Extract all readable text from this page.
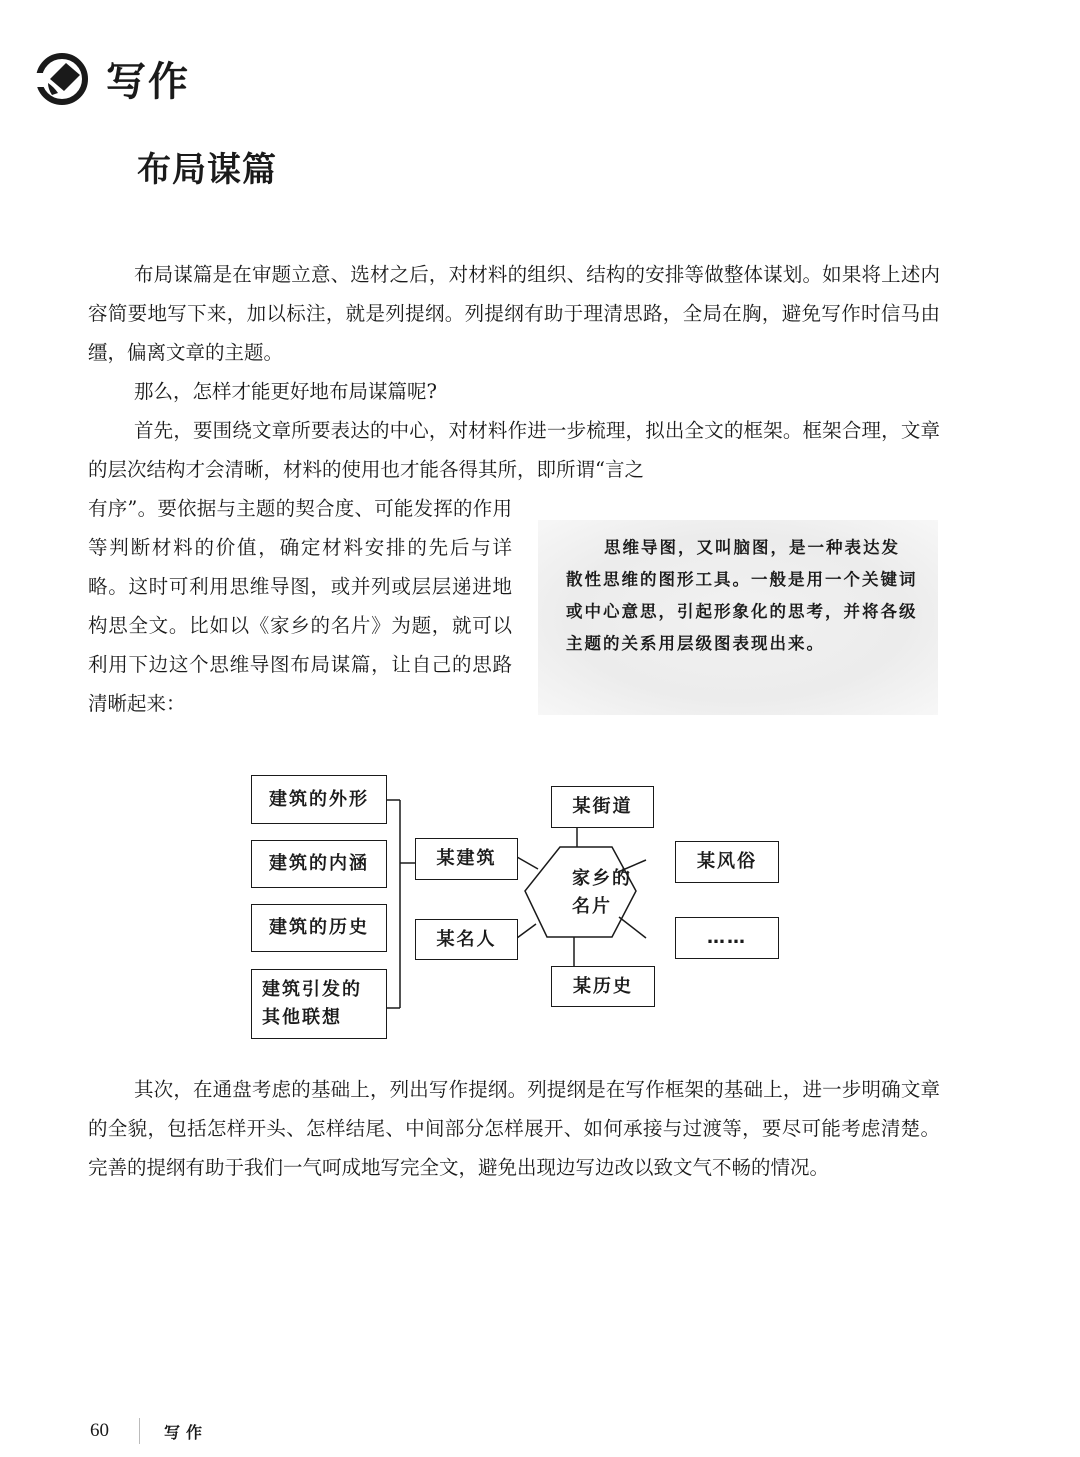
写作
布局谋篇
布局谋篇是在审题立意、选材之后，对材料的组织、结构的安排等做整体谋划。如果将上述内容简要地写下来，加以标注，就是列提纲。列提纲有助于理清思路，全局在胸，避免写作时信马由缰，偏离文章的主题。
那么，怎样才能更好地布局谋篇呢?
首先，要围绕文章所要表达的中心，对材料作进一步梳理，拟出全文的框架。框架合理，文章的层次结构才会清晰，材料的使用也才能各得其所，即所谓“言之
有序”。要依据与主题的契合度、可能发挥的作用等判断材料的价值，确定材料安排的先后与详略。这时可利用思维导图，或并列或层层递进地构思全文。比如以《家乡的名片》为题，就可以利用下边这个思维导图布局谋篇，让自己的思路清晰起来：
思维导图，又叫脑图，是一种表达发散性思维的图形工具。一般是用一个关键词或中心意思，引起形象化的思考，并将各级主题的关系用层级图表现出来。
建筑的外形
建筑的内涵
建筑的历史
建筑引发的
其他联想
某建筑
某名人
某街道
某历史
某风俗
……
家乡的
名片
其次，在通盘考虑的基础上，列出写作提纲。列提纲是在写作框架的基础上，进一步明确文章的全貌，包括怎样开头、怎样结尾、中间部分怎样展开、如何承接与过渡等，要尽可能考虑清楚。完善的提纲有助于我们一气呵成地写完全文，避免出现边写边改以致文气不畅的情况。
60	写作
